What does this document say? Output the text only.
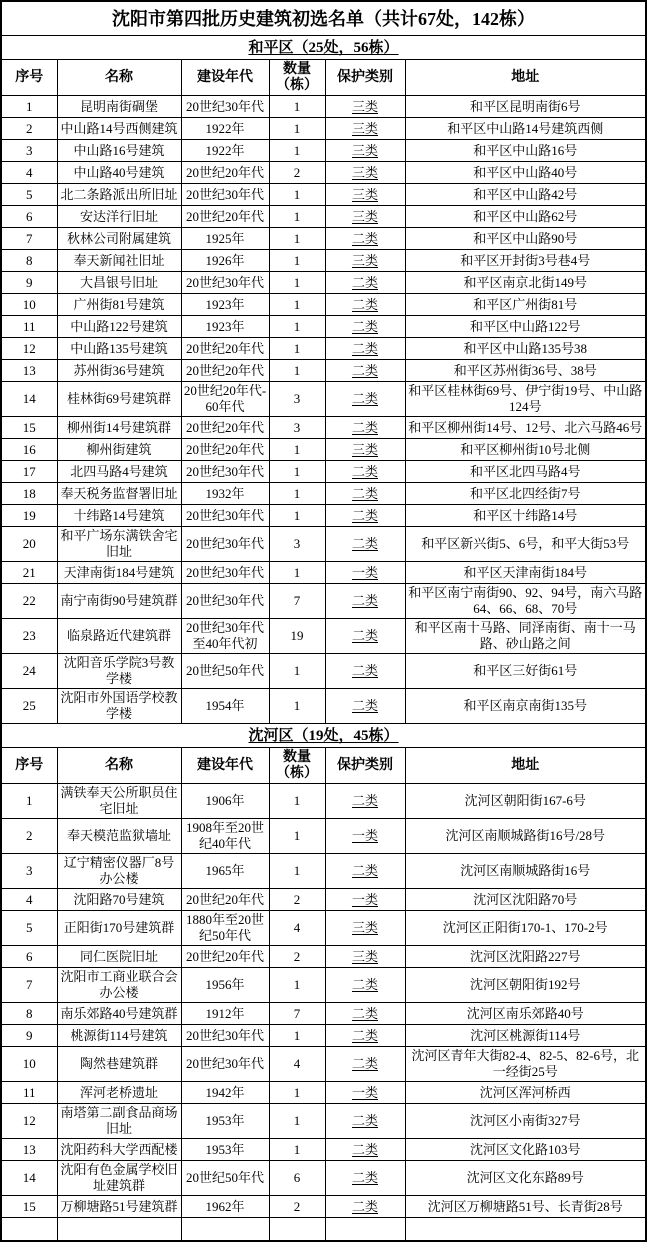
沈阳市第四批历史建筑初选名单（共计67处，142栋）					
和平区（25处，56栋）					
序号	名称	建设年代	数量（栋）	保护类别	地址
1	昆明南街碉堡	20世纪30年代	1	三类	和平区昆明南街6号
2	中山路14号西侧建筑	1922年	1	三类	和平区中山路14号建筑西侧
3	中山路16号建筑	1922年	1	三类	和平区中山路16号
4	中山路40号建筑	20世纪20年代	2	三类	和平区中山路40号
5	北二条路派出所旧址	20世纪30年代	1	三类	和平区中山路42号
6	安达洋行旧址	20世纪20年代	1	三类	和平区中山路62号
7	秋林公司附属建筑	1925年	1	二类	和平区中山路90号
8	奉天新闻社旧址	1926年	1	三类	和平区开封街3号巷4号
9	大昌银号旧址	20世纪30年代	1	二类	和平区南京北街149号
10	广州街81号建筑	1923年	1	二类	和平区广州街81号
11	中山路122号建筑	1923年	1	二类	和平区中山路122号
12	中山路135号建筑	20世纪20年代	1	二类	和平区中山路135号38
13	苏州街36号建筑	20世纪20年代	1	二类	和平区苏州街36号、38号
14	桂林街69号建筑群	20世纪20年代-60年代	3	二类	和平区桂林街69号、伊宁街19号、中山路124号
15	柳州街14号建筑群	20世纪20年代	3	二类	和平区柳州街14号、12号、北六马路46号
16	柳州街建筑	20世纪20年代	1	三类	和平区柳州街10号北侧
17	北四马路4号建筑	20世纪30年代	1	二类	和平区北四马路4号
18	奉天税务监督署旧址	1932年	1	二类	和平区北四经街7号
19	十纬路14号建筑	20世纪30年代	1	二类	和平区十纬路14号
20	和平广场东满铁舍宅旧址	20世纪30年代	3	二类	和平区新兴街5、6号，和平大街53号
21	天津南街184号建筑	20世纪30年代	1	一类	和平区天津南街184号
22	南宁南街90号建筑群	20世纪30年代	7	二类	和平区南宁南街90、92、94号，南六马路64、66、68、70号
23	临泉路近代建筑群	20世纪30年代至40年代初	19	二类	和平区南十马路、同泽南街、南十一马路、砂山路之间
24	沈阳音乐学院3号教学楼	20世纪50年代	1	二类	和平区三好街61号
25	沈阳市外国语学校教学楼	1954年	1	二类	和平区南京南街135号
沈河区（19处，45栋）					
序号	名称	建设年代	数量（栋）	保护类别	地址
1	满铁奉天公所职员住宅旧址	1906年	1	二类	沈河区朝阳街167-6号
2	奉天模范监狱墙址	1908年至20世纪40年代	1	一类	沈河区南顺城路街16号/28号
3	辽宁精密仪器厂8号办公楼	1965年	1	二类	沈河区南顺城路街16号
4	沈阳路70号建筑	20世纪20年代	2	一类	沈河区沈阳路70号
5	正阳街170号建筑群	1880年至20世纪50年代	4	三类	沈河区正阳街170-1、170-2号
6	同仁医院旧址	20世纪20年代	2	三类	沈河区沈阳路227号
7	沈阳市工商业联合会办公楼	1956年	1	二类	沈河区朝阳街192号
8	南乐郊路40号建筑群	1912年	7	二类	沈河区南乐郊路40号
9	桃源街114号建筑	20世纪30年代	1	二类	沈河区桃源街114号
10	陶然巷建筑群	20世纪30年代	4	二类	沈河区青年大街82-4、82-5、82-6号，北一经街25号
11	浑河老桥遗址	1942年	1	一类	沈河区浑河桥西
12	南塔第二副食品商场旧址	1953年	1	二类	沈河区小南街327号
13	沈阳药科大学西配楼	1953年	1	二类	沈河区文化路103号
14	沈阳有色金属学校旧址建筑群	20世纪50年代	6	二类	沈河区文化东路89号
15	万柳塘路51号建筑群	1962年	2	二类	沈河区万柳塘路51号、长青街28号
